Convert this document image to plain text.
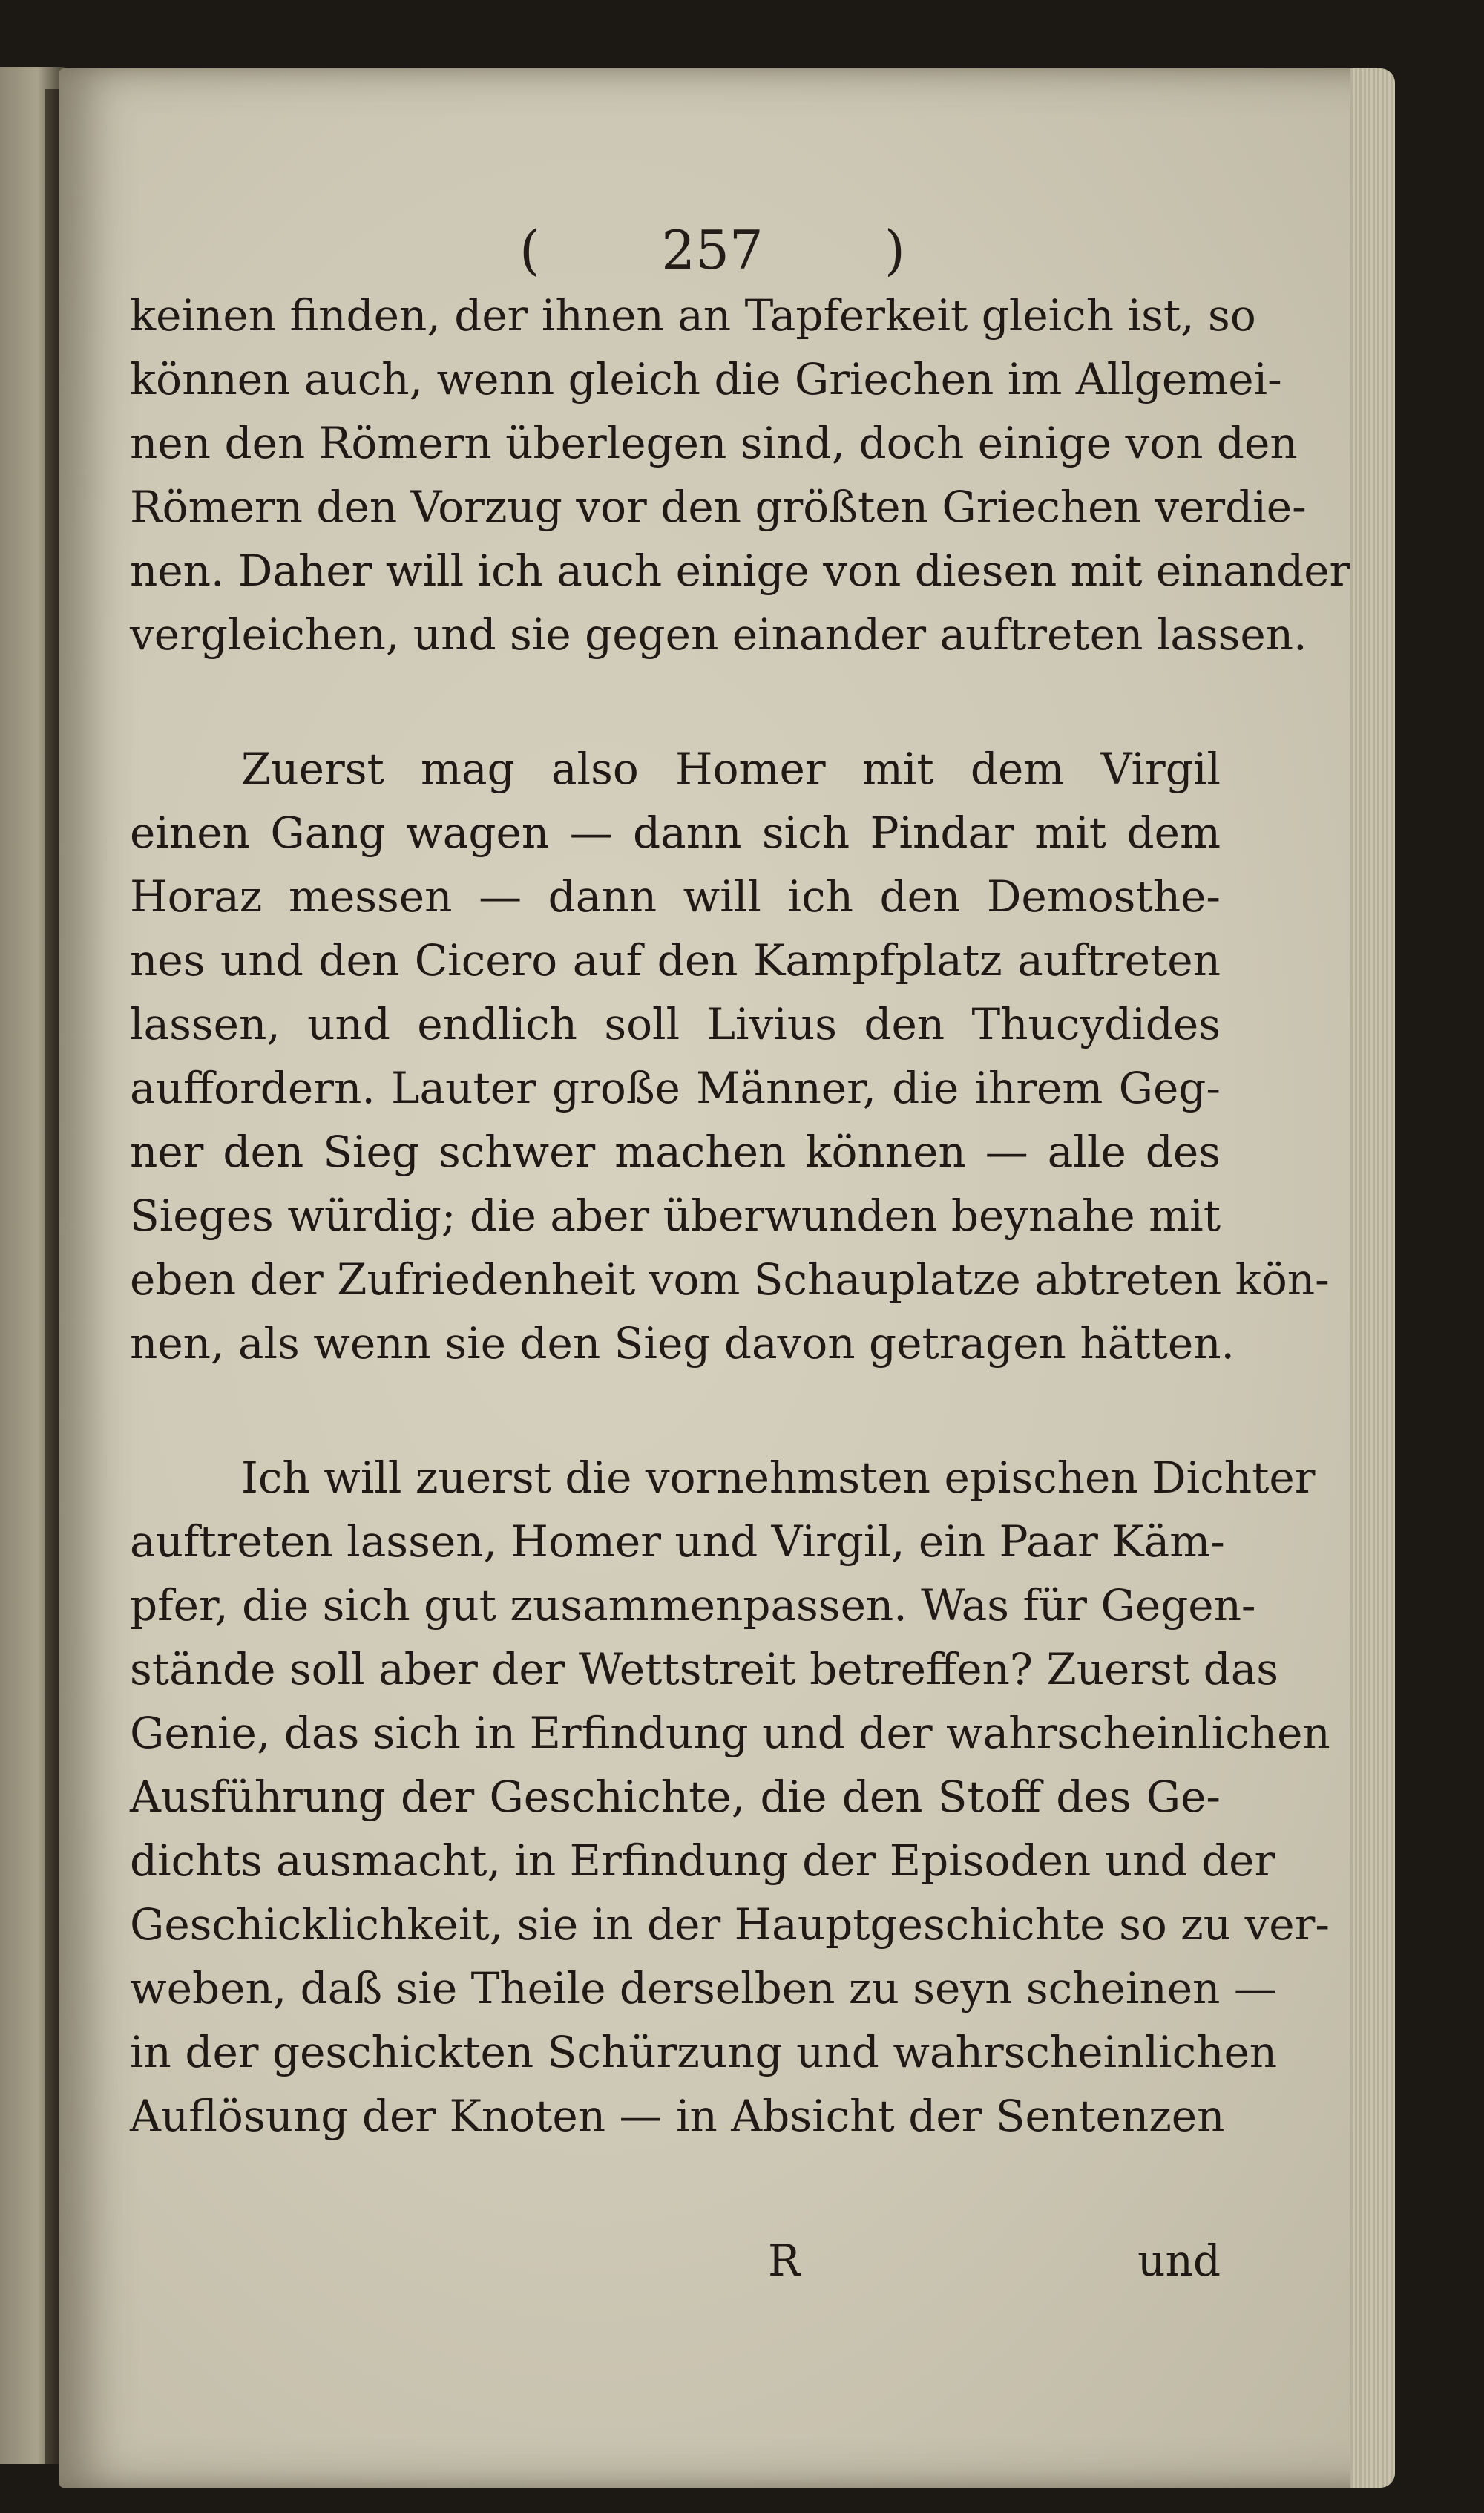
( 257 )
keinen finden, der ihnen an Tapferkeit gleich ist, so
können auch, wenn gleich die Griechen im Allgemei-
nen den Römern überlegen sind, doch einige von den
Römern den Vorzug vor den größten Griechen verdie-
nen. Daher will ich auch einige von diesen mit einander
vergleichen, und sie gegen einander auftreten lassen.
Zuerst mag also Homer mit dem Virgil
einen Gang wagen — dann sich Pindar mit dem
Horaz messen — dann will ich den Demosthe-
nes und den Cicero auf den Kampfplatz auftreten
lassen, und endlich soll Livius den Thucydides
auffordern. Lauter große Männer, die ihrem Geg-
ner den Sieg schwer machen können — alle des
Sieges würdig; die aber überwunden beynahe mit
eben der Zufriedenheit vom Schauplatze abtreten kön-
nen, als wenn sie den Sieg davon getragen hätten.
Ich will zuerst die vornehmsten epischen Dichter
auftreten lassen, Homer und Virgil, ein Paar Käm-
pfer, die sich gut zusammenpassen. Was für Gegen-
stände soll aber der Wettstreit betreffen? Zuerst das
Genie, das sich in Erfindung und der wahrscheinlichen
Ausführung der Geschichte, die den Stoff des Ge-
dichts ausmacht, in Erfindung der Episoden und der
Geschicklichkeit, sie in der Hauptgeschichte so zu ver-
weben, daß sie Theile derselben zu seyn scheinen —
in der geschickten Schürzung und wahrscheinlichen
Auflösung der Knoten — in Absicht der Sentenzen
R	und
